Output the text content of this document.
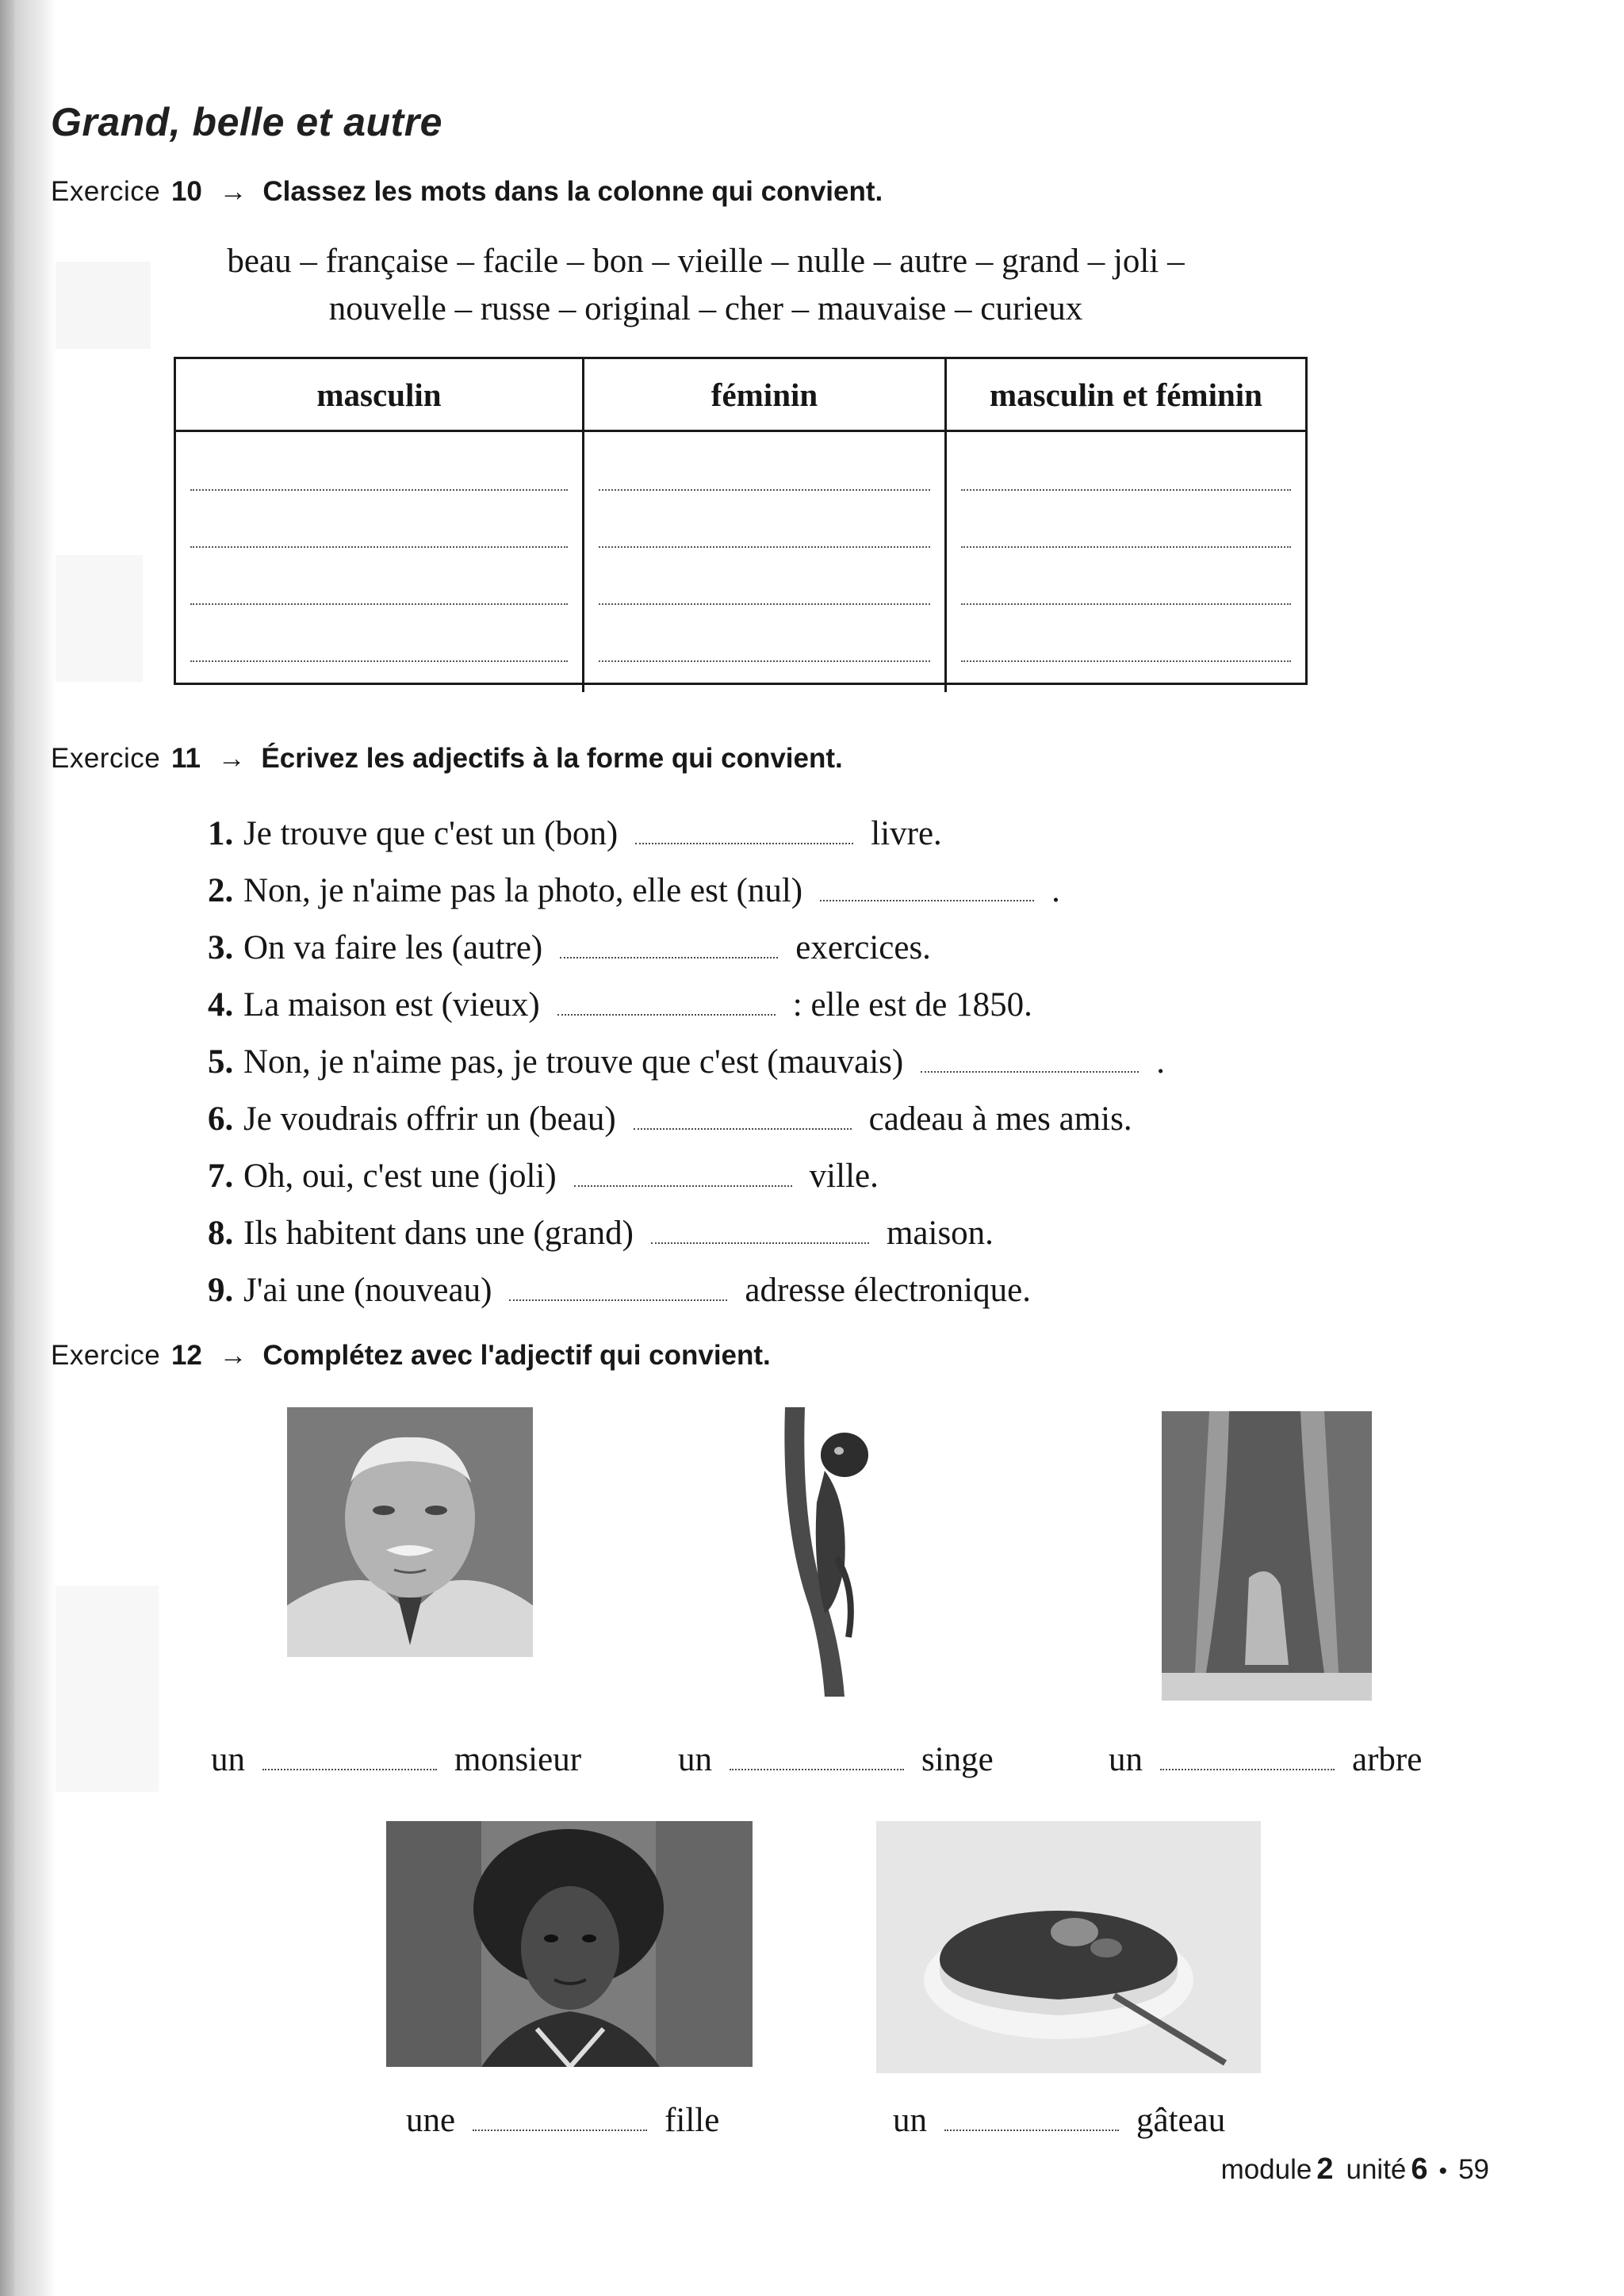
Grand, belle et autre
Exercice 10 → Classez les mots dans la colonne qui convient.
beau – française – facile – bon – vieille – nulle – autre – grand – joli –
nouvelle – russe – original – cher – mauvaise – curieux
masculin	féminin	masculin et féminin
Exercice 11 → Écrivez les adjectifs à la forme qui convient.
1. Je trouve que c'est un (bon)	livre.
2. Non, je n'aime pas la photo, elle est (nul)	.
3. On va faire les (autre)	exercices.
4. La maison est (vieux)	: elle est de 1850.
5. Non, je n'aime pas, je trouve que c'est (mauvais)	.
6. Je voudrais offrir un (beau)	cadeau à mes amis.
7. Oh, oui, c'est une (joli)	ville.
8. Ils habitent dans une (grand)	maison.
9. J'ai une (nouveau)	adresse électronique.
Exercice 12 → Complétez avec l'adjectif qui convient.
un	monsieur	un	singe	un	arbre
une	fille	un	gâteau
module 2 unité 6 • 59
